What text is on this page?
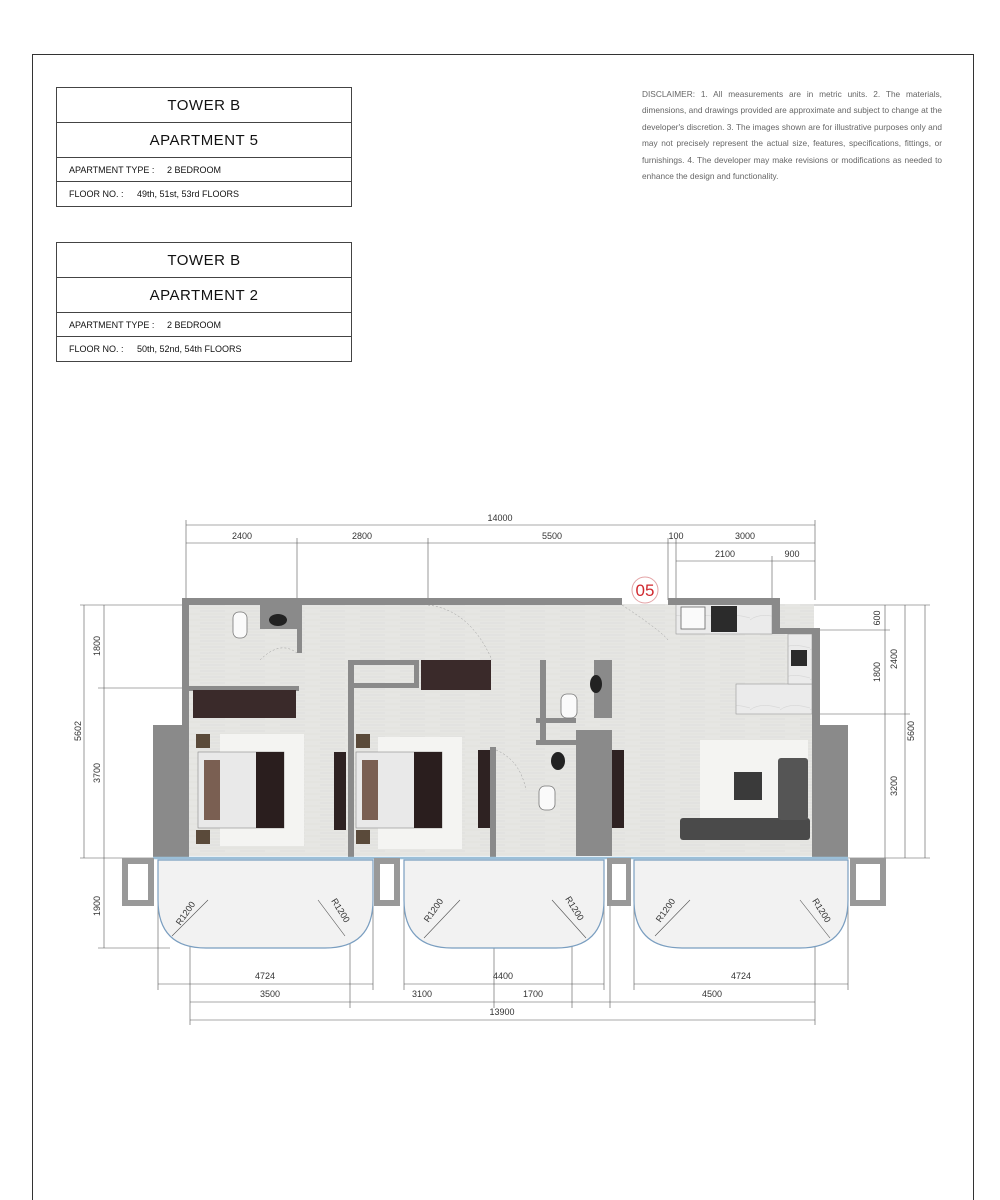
TOWER B
APARTMENT 5
APARTMENT TYPE : 2 BEDROOM
FLOOR NO. : 49th, 51st, 53rd FLOORS
TOWER B
APARTMENT 2
APARTMENT TYPE : 2 BEDROOM
FLOOR NO. : 50th, 52nd, 54th FLOORS

DISCLAIMER: 1. All measurements are in metric units. 2. The materials, dimensions, and drawings provided are approximate and subject to change at the developer's discretion. 3. The images shown are for illustrative purposes only and may not precisely represent the actual size, features, specifications, fittings, or furnishings. 4. The developer may make revisions or modifications as needed to enhance the design and functionality.

14000
2400	2800	5500	100	3000
2100	900
5602
1800
3700
1900
600
1800
3200
2400
5600
4724	4400	4724
3500	3100	1700	4500
13900
R1200	R1200	R1200	R1200	R1200	R1200
05
